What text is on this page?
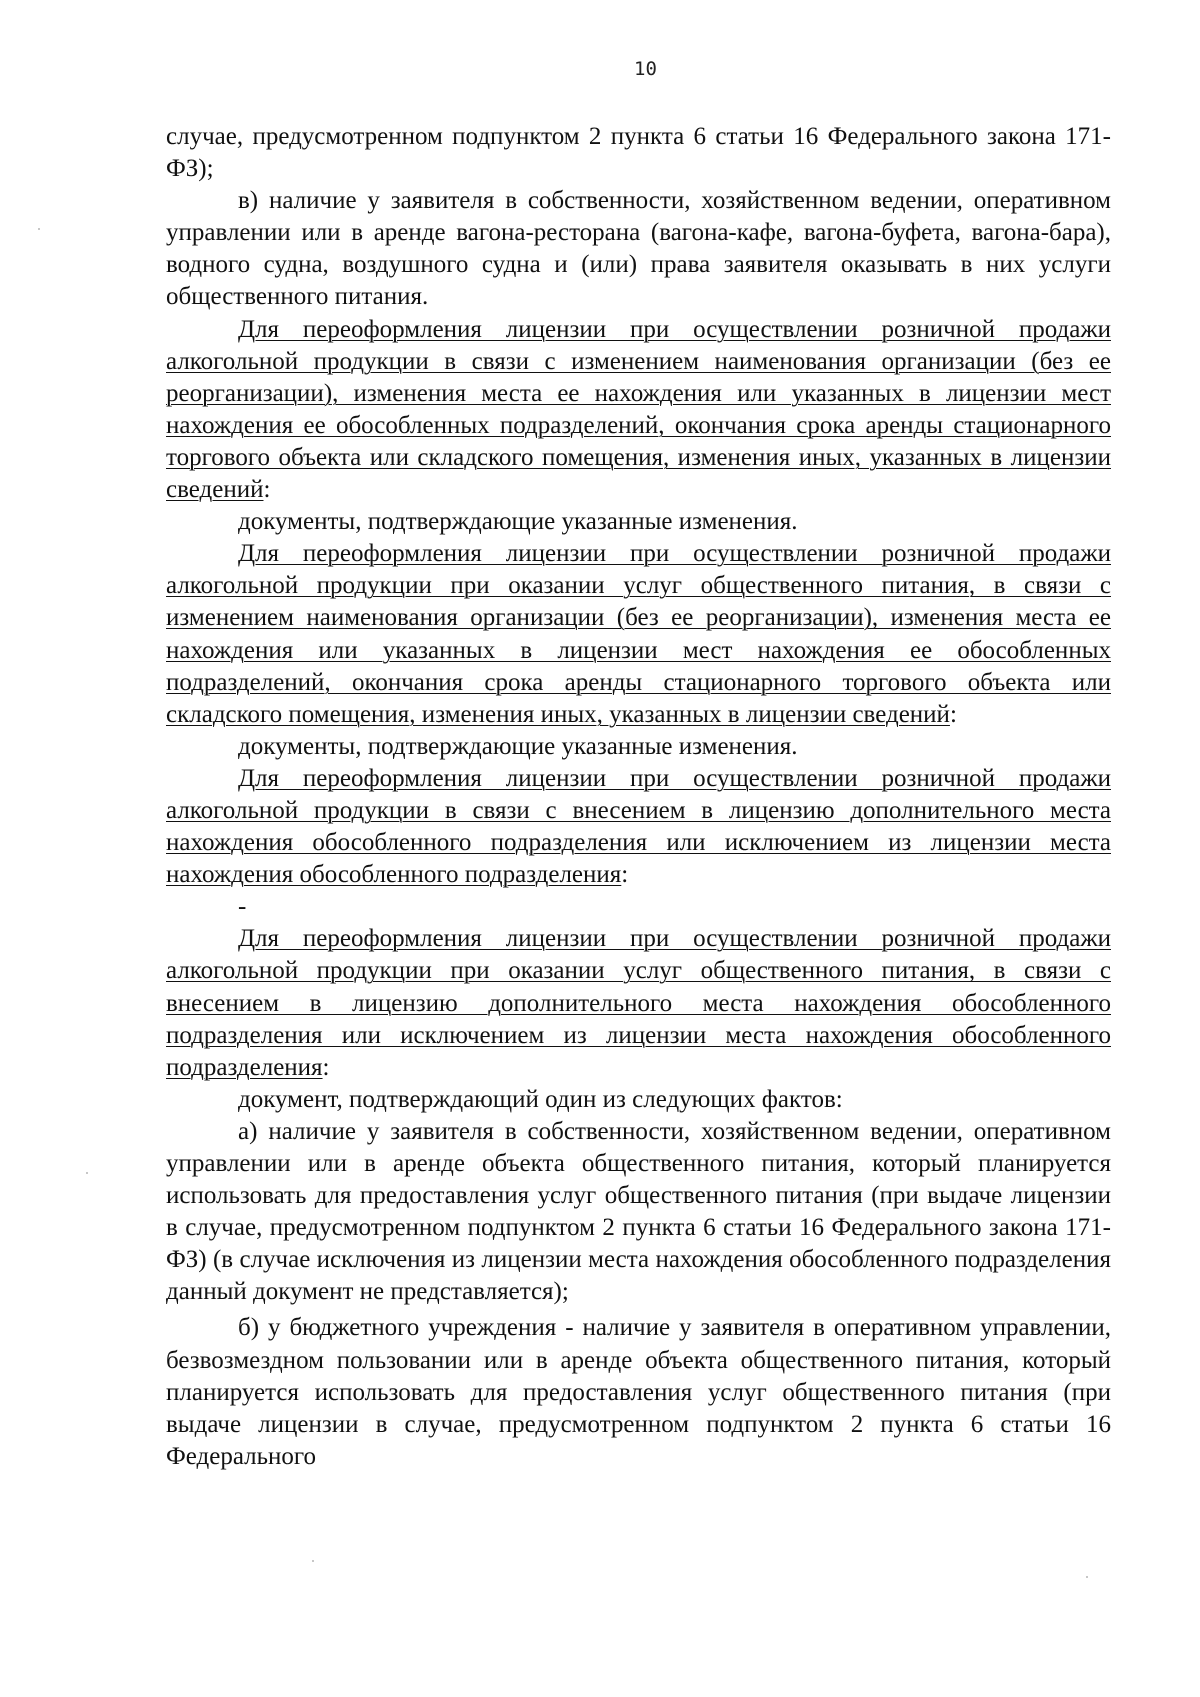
10

случае, предусмотренном подпунктом 2 пункта 6 статьи 16 Федерального закона 171-ФЗ);

в) наличие у заявителя в собственности, хозяйственном ведении, оперативном управлении или в аренде вагона-ресторана (вагона-кафе, вагона-буфета, вагона-бара), водного судна, воздушного судна и (или) права заявителя оказывать в них услуги общественного питания.

Для переоформления лицензии при осуществлении розничной продажи алкогольной продукции в связи с изменением наименования организации (без ее реорганизации), изменения места ее нахождения или указанных в лицензии мест нахождения ее обособленных подразделений, окончания срока аренды стационарного торгового объекта или складского помещения, изменения иных, указанных в лицензии сведений:

документы, подтверждающие указанные изменения.

Для переоформления лицензии при осуществлении розничной продажи алкогольной продукции при оказании услуг общественного питания, в связи с изменением наименования организации (без ее реорганизации), изменения места ее нахождения или указанных в лицензии мест нахождения ее обособленных подразделений, окончания срока аренды стационарного торгового объекта или складского помещения, изменения иных, указанных в лицензии сведений:

документы, подтверждающие указанные изменения.

Для переоформления лицензии при осуществлении розничной продажи алкогольной продукции в связи с внесением в лицензию дополнительного места нахождения обособленного подразделения или исключением из лицензии места нахождения обособленного подразделения:

-

Для переоформления лицензии при осуществлении розничной продажи алкогольной продукции при оказании услуг общественного питания, в связи с внесением в лицензию дополнительного места нахождения обособленного подразделения или исключением из лицензии места нахождения обособленного подразделения:

документ, подтверждающий один из следующих фактов:

а) наличие у заявителя в собственности, хозяйственном ведении, оперативном управлении или в аренде объекта общественного питания, который планируется использовать для предоставления услуг общественного питания (при выдаче лицензии в случае, предусмотренном подпунктом 2 пункта 6 статьи 16 Федерального закона 171-ФЗ) (в случае исключения из лицензии места нахождения обособленного подразделения данный документ не представляется);

б) у бюджетного учреждения - наличие у заявителя в оперативном управлении, безвозмездном пользовании или в аренде объекта общественного питания, который планируется использовать для предоставления услуг общественного питания (при выдаче лицензии в случае, предусмотренном подпунктом 2 пункта 6 статьи 16 Федерального
